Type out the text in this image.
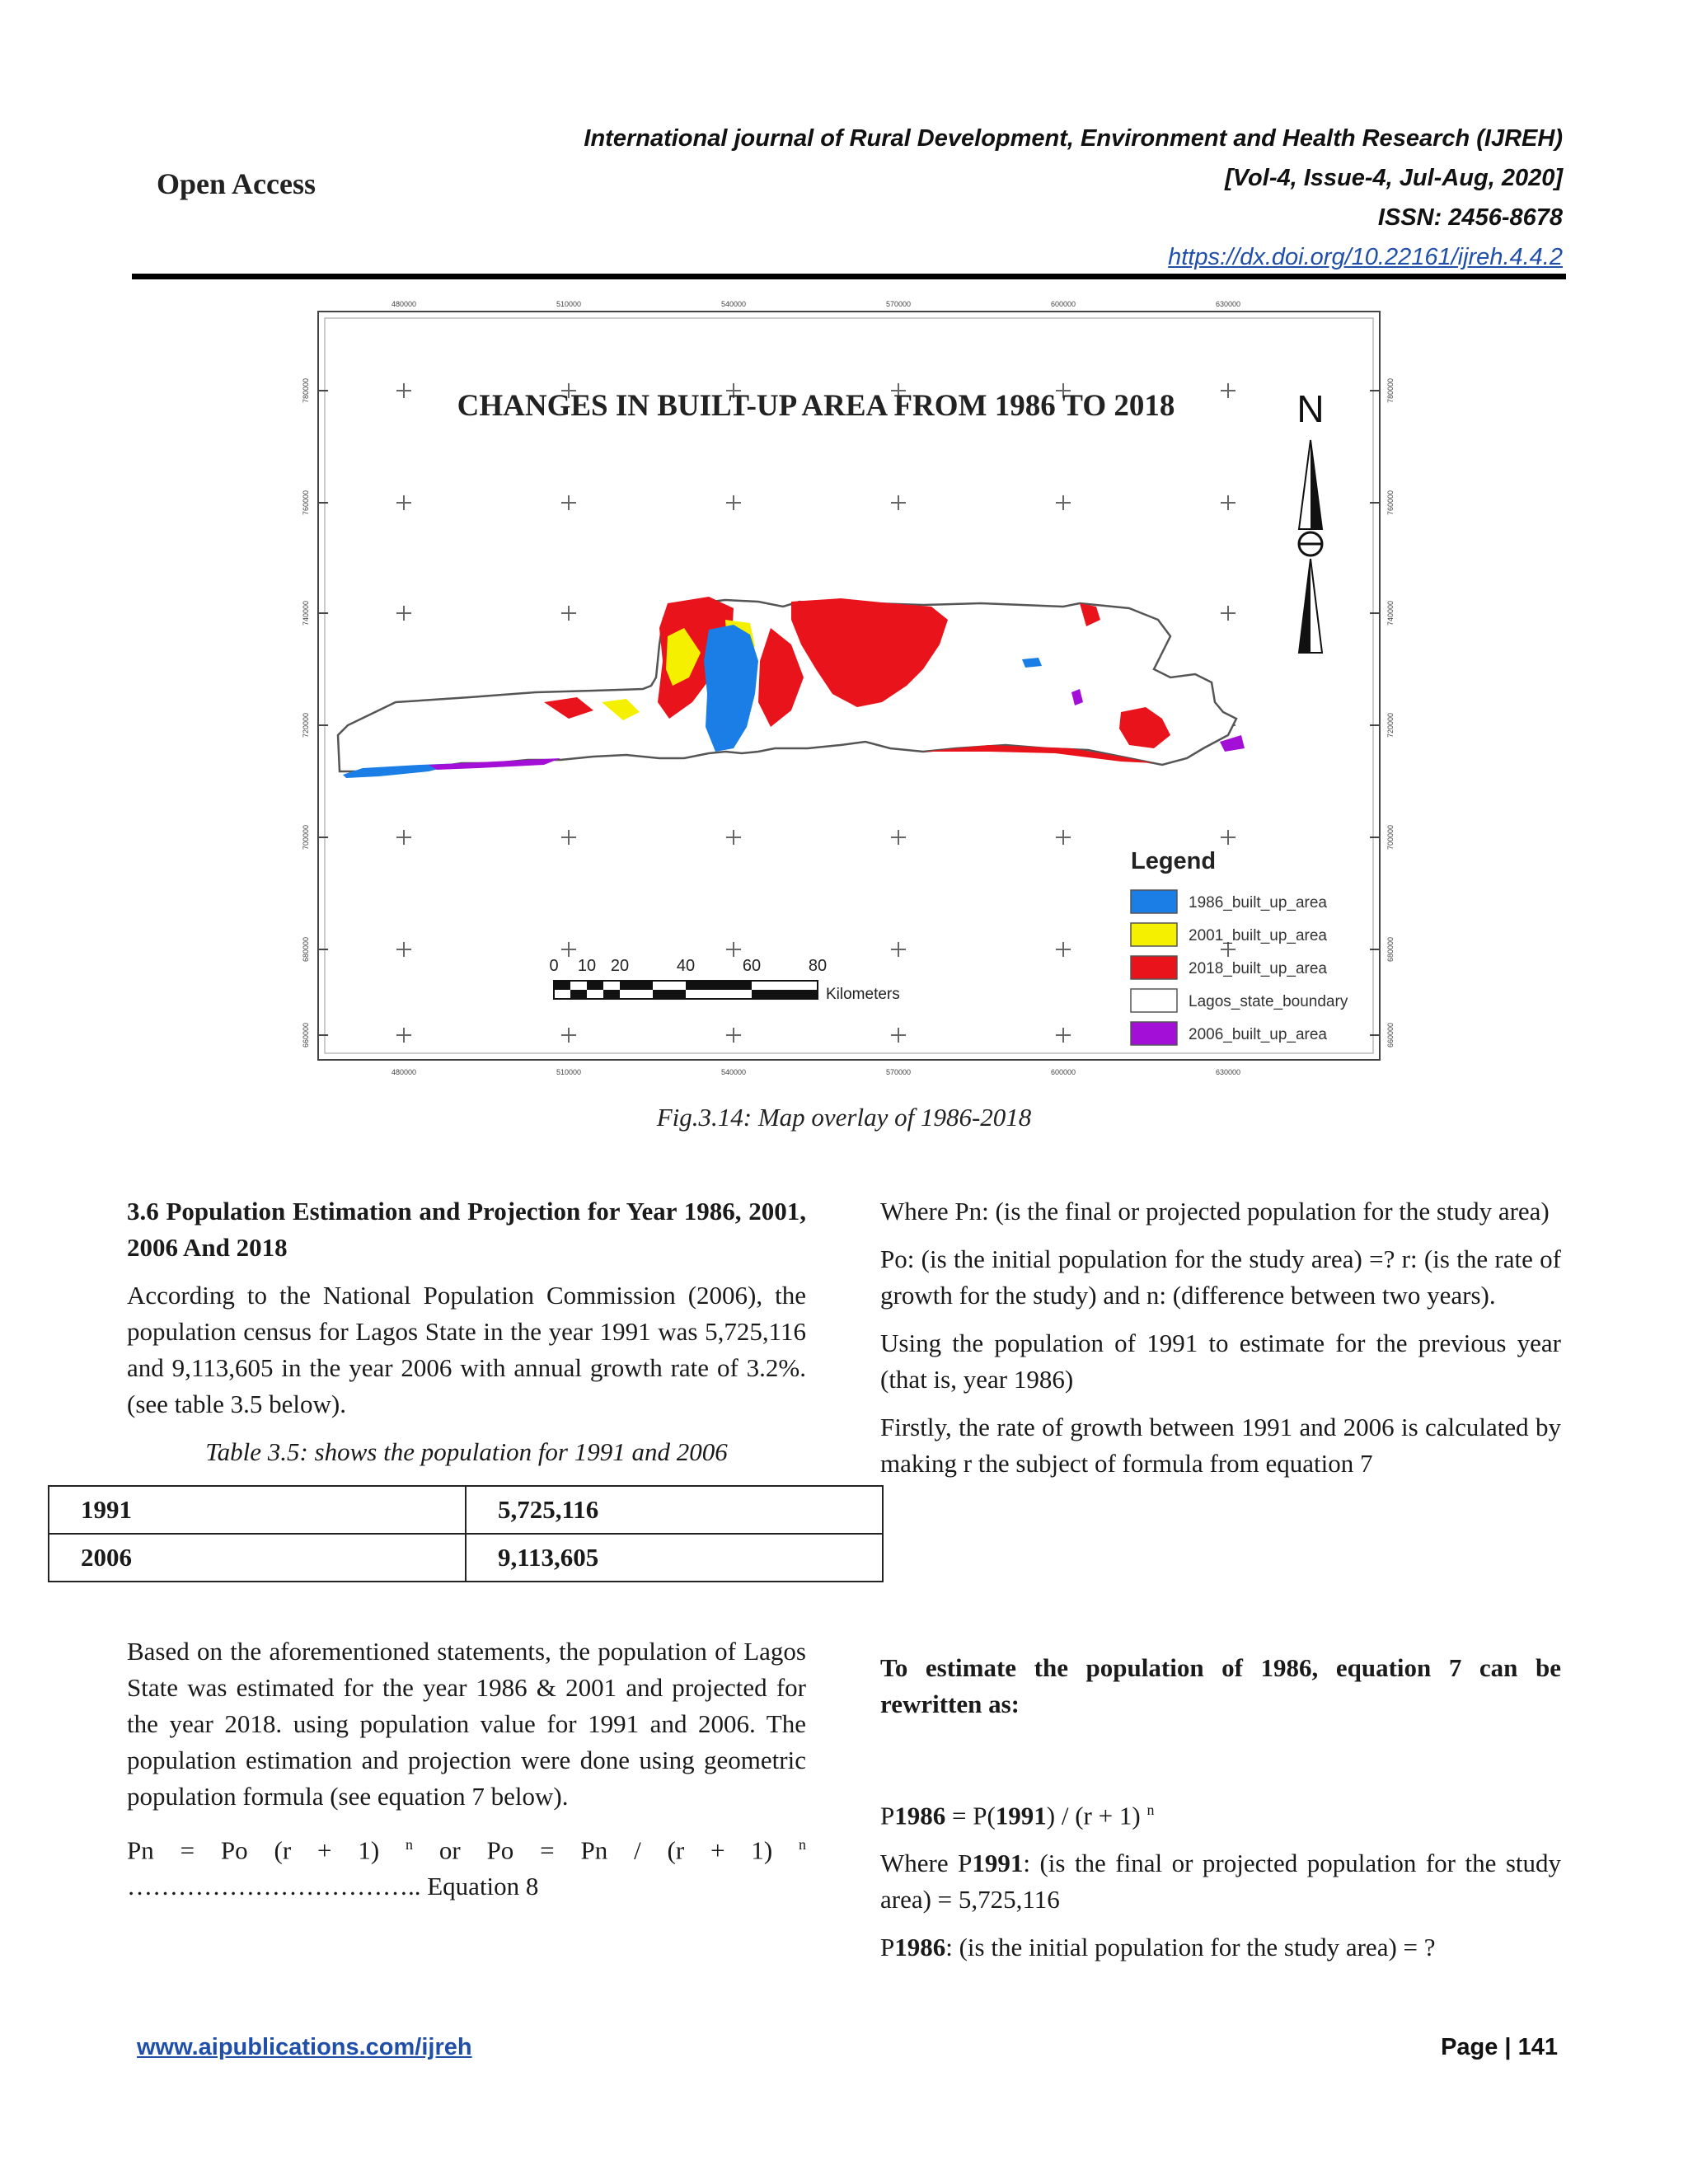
International journal of Rural Development, Environment and Health Research (IJREH)
[Vol-4, Issue-4, Jul-Aug, 2020]
ISSN: 2456-8678
https://dx.doi.org/10.22161/ijreh.4.4.2
Open Access
480000	510000	540000	570000	600000	630000
480000	510000	540000	570000	600000	630000
780000
760000
740000
720000
700000
680000
660000
780000
760000
740000
720000
700000
680000
660000
CHANGES IN BUILT-UP AREA FROM 1986 TO 2018	N
0 10 20	40	60	80
Kilometers
Legend
1986_built_up_area
2001_built_up_area
2018_built_up_area
Lagos_state_boundary
2006_built_up_area
Fig.3.14: Map overlay of 1986-2018

3.6 Population Estimation and Projection for Year 1986, 2001, 2006 And 2018

According to the National Population Commission (2006), the population census for Lagos State in the year 1991 was 5,725,116 and 9,113,605 in the year 2006 with annual growth rate of 3.2%. (see table 3.5 below).

Table 3.5: shows the population for 1991 and 2006

1991	5,725,116
2006	9,113,605

Based on the aforementioned statements, the population of Lagos State was estimated for the year 1986 & 2001 and projected for the year 2018. using population value for 1991 and 2006. The population estimation and projection were done using geometric population formula (see equation 7 below).

Pn = Po (r + 1) $^n$ or Po = Pn / (r + 1) $^n$

…………………………….. Equation 8

Where Pn: (is the final or projected population for the study area)

Po: (is the initial population for the study area) =? r: (is the rate of growth for the study) and n: (difference between two years).

Using the population of 1991 to estimate for the previous year (that is, year 1986)

Firstly, the rate of growth between 1991 and 2006 is calculated by making r the subject of formula from equation 7

To estimate the population of 1986, equation 7 can be rewritten as:

P1986 = P(1991) / (r + 1) $^n$

Where P1991: (is the final or projected population for the study area) = 5,725,116

P1986: (is the initial population for the study area) = ?

www.aipublications.com/ijreh	Page | 141
